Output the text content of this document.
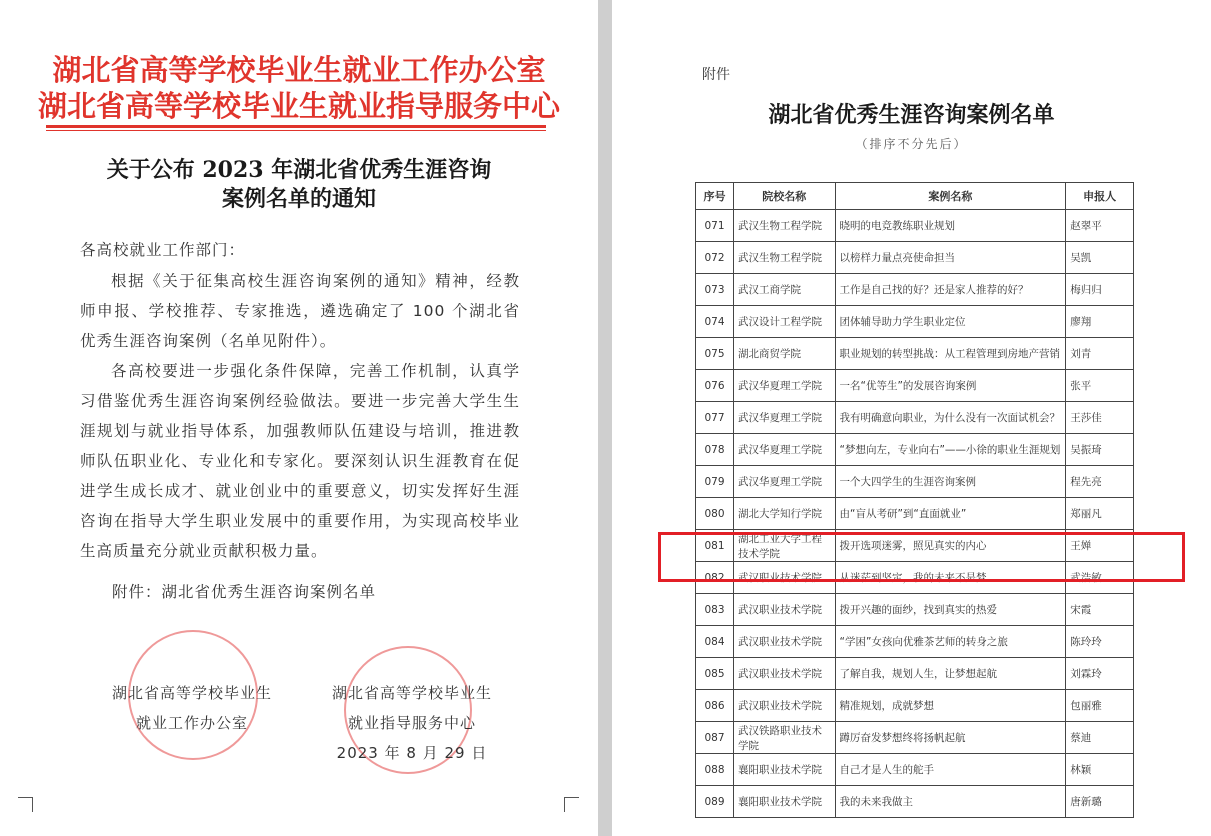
湖北省高等学校毕业生就业工作办公室
湖北省高等学校毕业生就业指导服务中心
关于公布 2023 年湖北省优秀生涯咨询
案例名单的通知
各高校就业工作部门：

根据《关于征集高校生涯咨询案例的通知》精神，经教师申报、学校推荐、专家推选，遴选确定了 100 个湖北省优秀生涯咨询案例（名单见附件）。

各高校要进一步强化条件保障，完善工作机制，认真学习借鉴优秀生涯咨询案例经验做法。要进一步完善大学生生涯规划与就业指导体系，加强教师队伍建设与培训，推进教师队伍职业化、专业化和专家化。要深刻认识生涯教育在促进学生成长成才、就业创业中的重要意义，切实发挥好生涯咨询在指导大学生职业发展中的重要作用，为实现高校毕业生高质量充分就业贡献积极力量。

附件：湖北省优秀生涯咨询案例名单
湖北省高等学校毕业生
就业工作办公室
湖北省高等学校毕业生
就业指导服务中心
2023 年 8 月 29 日
附件
湖北省优秀生涯咨询案例名单
（排序不分先后）
序号	院校名称	案例名称	申报人
071	武汉生物工程学院	晓明的电竞教练职业规划	赵翠平
072	武汉生物工程学院	以榜样力量点亮使命担当	吴凯
073	武汉工商学院	工作是自己找的好？还是家人推荐的好？	梅归归
074	武汉设计工程学院	团体辅导助力学生职业定位	廖翔
075	湖北商贸学院	职业规划的转型挑战：从工程管理到房地产营销	刘青
076	武汉华夏理工学院	一名“优等生”的发展咨询案例	张平
077	武汉华夏理工学院	我有明确意向职业，为什么没有一次面试机会？	王莎佳
078	武汉华夏理工学院	“梦想向左，专业向右”——小徐的职业生涯规划	吴振琦
079	武汉华夏理工学院	一个大四学生的生涯咨询案例	程先亮
080	湖北大学知行学院	由“盲从考研”到“直面就业”	郑丽凡
081	湖北工业大学工程技术学院	拨开选项迷雾，照见真实的内心	王婵
082	武汉职业技术学院	从迷茫到坚定，我的未来不是梦	武浩敏
083	武汉职业技术学院	拨开兴趣的面纱，找到真实的热爱	宋霞
084	武汉职业技术学院	“学困”女孩向优雅茶艺师的转身之旅	陈玲玲
085	武汉职业技术学院	了解自我，规划人生，让梦想起航	刘霖玲
086	武汉职业技术学院	精准规划，成就梦想	包丽雅
087	武汉铁路职业技术学院	蹲厉奋发梦想终将扬帆起航	蔡迪
088	襄阳职业技术学院	自己才是人生的舵手	林颖
089	襄阳职业技术学院	我的未来我做主	唐新璐
